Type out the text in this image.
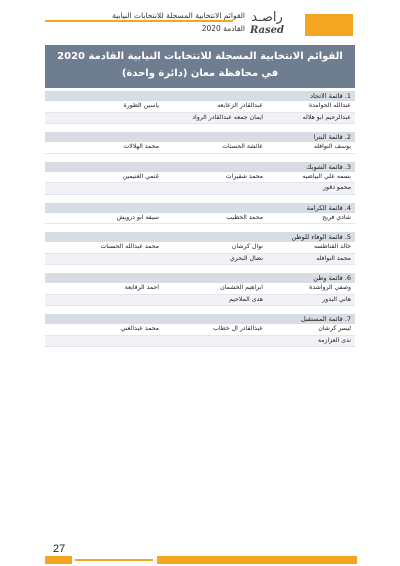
القوائم الانتخابية المسجلة للانتخابات النيابية
القادمة 2020
راصـد
Rased
القوائم الانتخابية المسجلة للانتخابات النيابية القادمة 2020
في محافظة معان (دائرة واحدة)
1. قائمة الاتحاد
عبدالله الحوامدة
عبدالقادر الزعابعه
ياسين الطورة
عبدالرحيم ابو هلاله
ايمان جمعه عبدالقادر الرواد
2. قائمة البترا
يوسف النوافله
عائشة الحسنات
محمد الهلالات
3. قائمة الشوبك
بسمه علي البياضيه
محمد شقيرات
غنمي الغنيمين
محمو دقور
4. قائمة الكرامة
شادي فريح
محمد الخطيب
سيفه ابو درويش
5. قائمة الوفاء للوطن
خالد القناطسه
نوال كرشان
محمد عبدالله الحسنات
محمد النوافله
نضال البحري
6. قائمة وطن
وصفي الرواشدة
ابراهيم الخشمان
احمد الرفايعة
هاني البدور
هدى الملاحيم
7. قائمة المستقبل
ليسر كرشان
عبدالقادر ال خطاب
محمد عبدالغني
ندى العزازمة
27
